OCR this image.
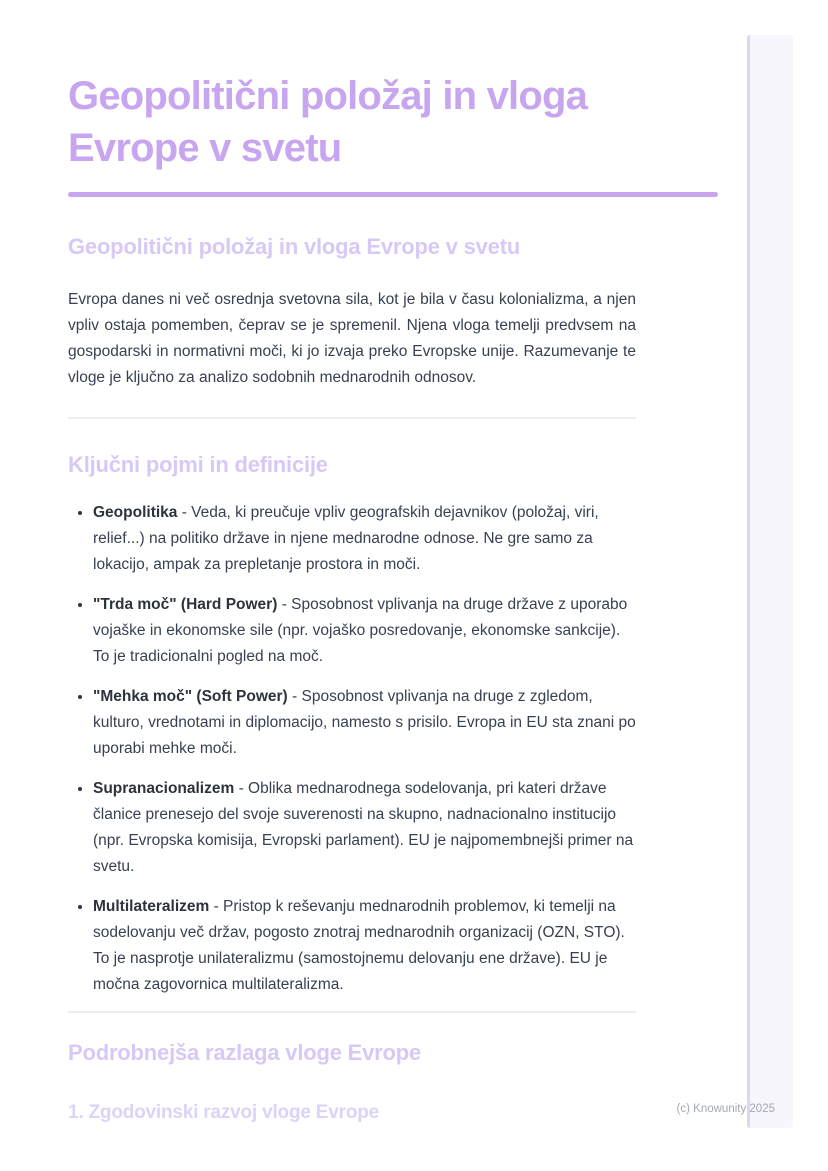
Geopolitični položaj in vloga Evrope v svetu
Geopolitični položaj in vloga Evrope v svetu

Evropa danes ni več osrednja svetovna sila, kot je bila v času kolonializma, a njen vpliv ostaja pomemben, čeprav se je spremenil. Njena vloga temelji predvsem na gospodarski in normativni moči, ki jo izvaja preko Evropske unije. Razumevanje te vloge je ključno za analizo sodobnih mednarodnih odnosov.

Ključni pojmi in definicije
• Geopolitika - Veda, ki preučuje vpliv geografskih dejavnikov (položaj, viri, relief...) na politiko države in njene mednarodne odnose. Ne gre samo za lokacijo, ampak za prepletanje prostora in moči.
• "Trda moč" (Hard Power) - Sposobnost vplivanja na druge države z uporabo vojaške in ekonomske sile (npr. vojaško posredovanje, ekonomske sankcije). To je tradicionalni pogled na moč.
• "Mehka moč" (Soft Power) - Sposobnost vplivanja na druge z zgledom, kulturo, vrednotami in diplomacijo, namesto s prisilo. Evropa in EU sta znani po uporabi mehke moči.
• Supranacionalizem - Oblika mednarodnega sodelovanja, pri kateri države članice prenesejo del svoje suverenosti na skupno, nadnacionalno institucijo (npr. Evropska komisija, Evropski parlament). EU je najpomembnejši primer na svetu.
• Multilateralizem - Pristop k reševanju mednarodnih problemov, ki temelji na sodelovanju več držav, pogosto znotraj mednarodnih organizacij (OZN, STO). To je nasprotje unilateralizmu (samostojnemu delovanju ene države). EU je močna zagovornica multilateralizma.
Podrobnejša razlaga vloge Evrope
1. Zgodovinski razvoj vloge Evrope	(c) Knowunity 2025
